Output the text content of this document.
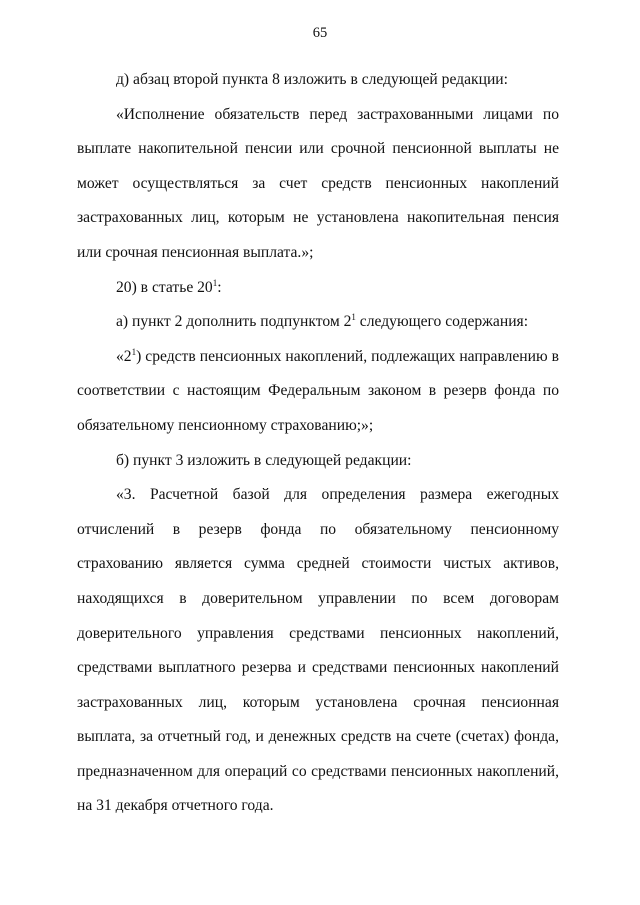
65

д) абзац второй пункта 8 изложить в следующей редакции:

«Исполнение обязательств перед застрахованными лицами по выплате накопительной пенсии или срочной пенсионной выплаты не может осуществляться за счет средств пенсионных накоплений застрахованных лиц, которым не установлена накопительная пенсия или срочная пенсионная выплата.»;

20) в статье $20^1$:

а) пункт 2 дополнить подпунктом $2^1$ следующего содержания:

«$2^1$) средств пенсионных накоплений, подлежащих направлению в соответствии с настоящим Федеральным законом в резерв фонда по обязательному пенсионному страхованию;»;

б) пункт 3 изложить в следующей редакции:

«3. Расчетной базой для определения размера ежегодных отчислений в резерв фонда по обязательному пенсионному страхованию является сумма средней стоимости чистых активов, находящихся в доверительном управлении по всем договорам доверительного управления средствами пенсионных накоплений, средствами выплатного резерва и средствами пенсионных накоплений застрахованных лиц, которым установлена срочная пенсионная выплата, за отчетный год, и денежных средств на счете (счетах) фонда, предназначенном для операций со средствами пенсионных накоплений, на 31 декабря отчетного года.
